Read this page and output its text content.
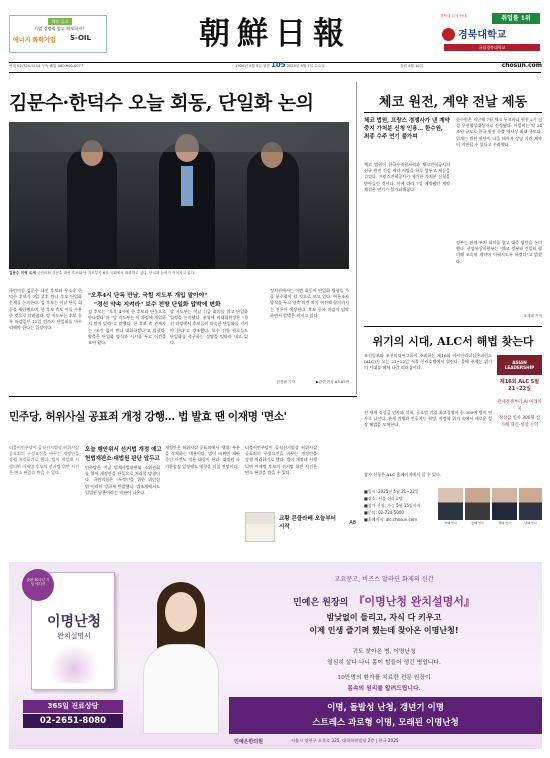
채용 공고
기업 경쟁력 업고 확보하자!
에너지 화학기업	S-OIL	朝鮮日報	경북대 입시 안내	취업률 1위
경북대학교
국립경북대학교
안내 02)724-5114 구독·배달 080-900-0077	1920년 3월 5일 창간 105 2025년 5월 7일 수요일	음력 4월 10일	chosun.com
김문수·한덕수 오늘 회동, 단일화 논의
김문수 지역 유세 국민의힘 김문수 대선 후보와 당 지도부가 6일 국회에서 대화하고 있다. 단일화 논의가 이어지고 있다.
국민의힘 김문수 대선 후보와 무소속 한덕수 후보가 7일 오후 만나 후보 단일화 문제를 논의한다. 김 후보는 이날 단독 회동을 제안했으며, 한 후보 측도 이를 수용한 것으로 알려졌다. 당 지도부는 후보 등록 마감일인 11일 전까지 단일화를 마무리해야 한다는 입장이다.
"오후4시 단독 만남, 국힘 지도부 개입 말아야"
"경선 약속 지켜라" 보수 전방 단일화 압박에 변화
김 후보는 "오후 4시에 한 후보와 단독으로 만나겠다"며 "당 지도부는 이 과정에 개입하지 말아 달라"고 말했다. 한 후보 측 관계자는 "조건 없이 만나 대화하겠다"고 밝혔다. 양측은 단일화 방식과 시기를 두고 이견을 보여 왔다.
당 지도부는 이날 긴급 회의를 열고 단일화 일정을 논의했다. 권영세 비대위원장은 "경선 과정에서 후보들이 약속한 단일화를 지켜야 한다"고 강조했다. 보수 진영 원로들도 단일화를 촉구하는 성명을 잇따라 내고 있다.
정치권에서는 이번 회동이 단일화 방향을 가를 분수령이 될 것으로 보고 있다. 여론조사 방식을 두고 양측 의견 차가 여전해 합의까지는 진통이 예상된다. 후보 등록 마감이 임박하면서 압박은 커지고 있다.
▶관련 기사 A3·A5면
김경필 기자
체코 원전, 계약 전날 제동
체코 법원, 프랑스 경쟁사가 낸 계약 중지 가처분 신청 인용… 한수원, 최종 수주 연기 불가피
체코 법원이 한국수력원자력과 체코전력공사의 신규 원전 건설 계약 서명을 하루 앞두고 제동을 걸었다. 프랑스전력공사가 제기한 가처분 신청을 받아들인 것이다. 이에 따라 7일 예정됐던 계약 체결은 연기가 불가피해졌다.
한수원은 지난해 7월 체코 두코바니 원전 2기 건설 우선협상대상자로 선정됐다. 사업비는 약 24조원 규모로 한국 원전 수출 역사상 최대 규모다. 업계는 법원 판단이 나올 때까지 상당 기간 계약이 지연될 수 있다고 우려했다.
정부는 관계 부처 회의를 열고 대응 방안을 논의했다. 산업통상자원부는 "체코 정부와 긴밀히 협의해 조속히 계약이 이뤄지도록 하겠다"고 밝혔다.
조재희 기자
위기의 시대, ALC서 해법 찾는다
조선일보와 조선미디어그룹이 주최하는 제16회 아시안리더십콘퍼런스(ALC)가 오는 21~22일 서울 신라호텔에서 열린다. 올해 주제는 위기의 시대를 헤쳐 나갈 리더십이다.
ASIAN LEADERSHIP
제16회 ALC 5월 21~22일
관세전쟁부터 AI 미래까지
정상급 연사 300명 참가해 혁신·성장 논의
전 세계 정상급 인사와 석학, 글로벌 기업 최고경영자 등 300여 명이 연사로 나선다. 관세 전쟁과 인공지능 혁명, 지정학 위기 속에서 새로운 성장 해법을 모색한다.
참가 신청은 ALC 홈페이지에서 할 수 있다.
■일시: 2025년 5월 21~22일
■장소: 서울 신라호텔
■참가 신청: 가능 5월 15일까지
■문의: 02-724-5000
■홈페이지: alc.chosun.com
첫째 연사	둘째 연사	셋째 연사	넷째 연사
민주당, 허위사실 공표죄 개정 강행… 법 발효 땐 이재명 '면소'
더불어민주당이 공직선거법상 허위사실 공표죄의 구성요건을 바꾸는 개정안을 강행 처리하기로 했다. 법이 개정돼 시행되면 이재명 후보의 선거법 위반 사건은 면소 판결을 받을 수 있다.
오늘 행안위서 선거법 개정 예고
헌법재판소·대법원 판단 앞두고
민주당은 이날 법제사법위원회 소위원회를 열어 개정안을 단독으로 처리할 방침이다. 국민의힘은 "특정인을 위한 위인설법"이라며 강하게 반발했다. 법조계에서도 입법권 남용이라는 비판이 나온다.
개정안은 허위사실 공표죄에서 '행위' 부분을 삭제하는 내용이다. 법이 바뀌면 재판 중인 사건도 적용 대상이 된다. 대법원 파기환송심 일정에도 영향을 미칠 전망이다.
더불어민주당이 공직선거법상 허위사실 공표죄의 구성요건을 바꾸는 개정안을 강행 처리하기로 했다. 법이 개정돼 시행되면 이재명 후보의 선거법 위반 사건은 면소 판결을 받을 수 있다.
교황 콘클라베 오늘부터 시작
A8
출판 30주년 기념 에디션
이명난청
완치설명서
365일 진료상담
02-2651-8080
고요문고, 비즈스 알라딘 화제의 신간
민예은 원장의 『이명난청 완치설명서』
밤낮없이 들리고, 자식 다 키우고
이제 인생 즐기려 했는데 찾아온 이명난청!
귀도 찾아온 병, 이명난청
열심히 살다 나니 몸이 힘들어 생긴 병입니다.
10만명의 환자를 치료한 전문 원장이
몸속의 원리를 알려드립니다.
이명, 돌발성 난청, 갱년기 이명
스트레스 과로형 이명, 모래된 이명난청
민예은한의원	서울시 양천구 오목로 325, 대학학원빌딩 2층 | 한국 2025
